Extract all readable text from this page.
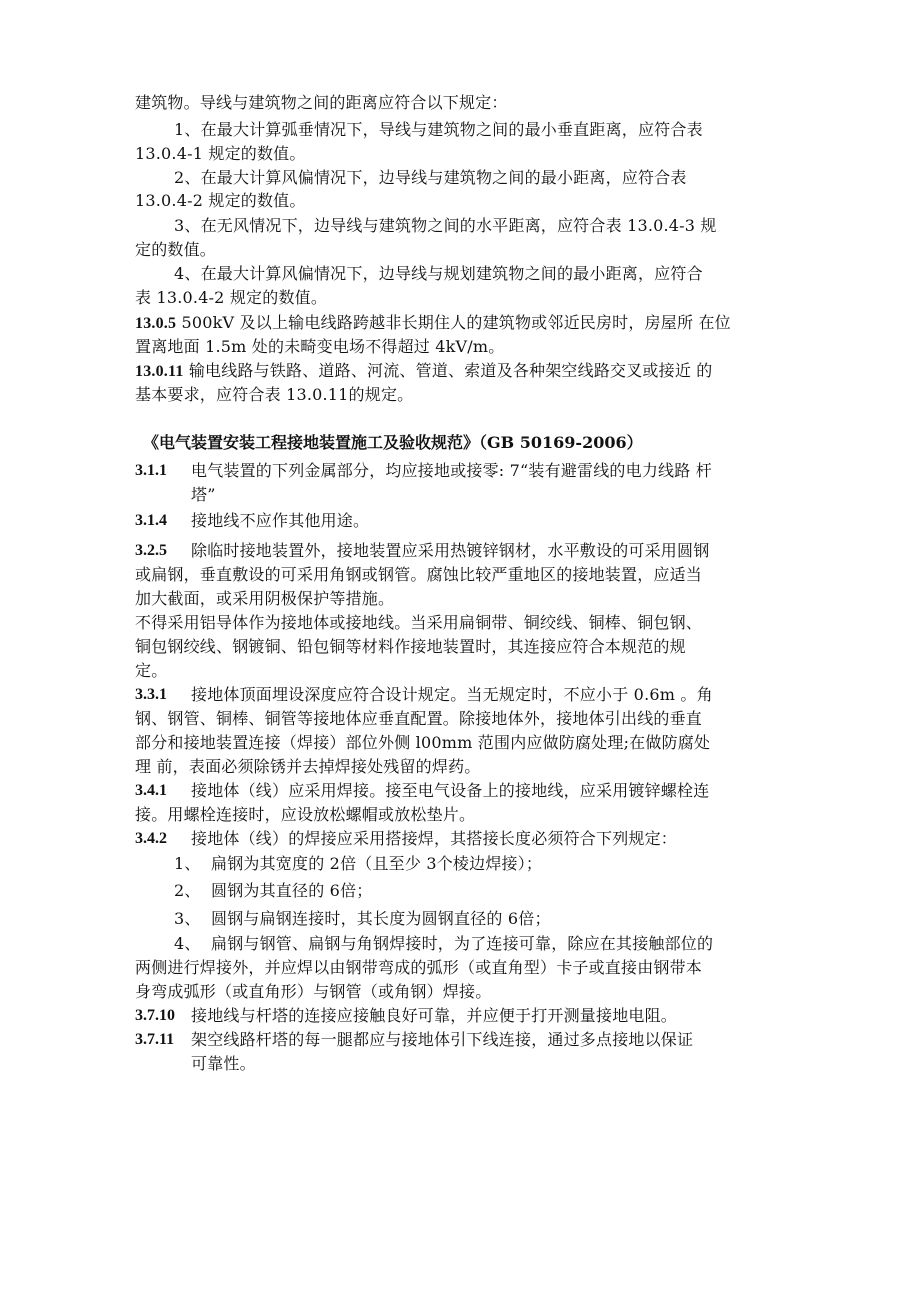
建筑物。导线与建筑物之间的距离应符合以下规定：
1、在最大计算弧垂情况下，导线与建筑物之间的最小垂直距离，应符合表
13.0.4-1 规定的数值。
2、在最大计算风偏情况下，边导线与建筑物之间的最小距离，应符合表
13.0.4-2 规定的数值。
3、在无风情况下，边导线与建筑物之间的水平距离，应符合表 13.0.4-3 规
定的数值。
4、在最大计算风偏情况下，边导线与规划建筑物之间的最小距离，应符合
表 13.0.4-2 规定的数值。
13.0.5 500kV 及以上输电线路跨越非长期住人的建筑物或邻近民房时，房屋所 在位
置离地面 1.5m 处的未畸变电场不得超过 4kV/m。
13.0.11 输电线路与铁路、道路、河流、管道、索道及各种架空线路交叉或接近 的
基本要求，应符合表 13.0.11的规定。
《电气装置安装工程接地装置施工及验收规范》（GB 50169-2006）
3.1.1 电气装置的下列金属部分，均应接地或接零: 7“装有避雷线的电力线路 杆
塔”
3.1.4 接地线不应作其他用途。
3.2.5 除临时接地装置外，接地装置应采用热镀锌钢材，水平敷设的可采用圆钢
或扁钢，垂直敷设的可采用角钢或钢管。腐蚀比较严重地区的接地装置，应适当
加大截面，或采用阴极保护等措施。
不得采用铝导体作为接地体或接地线。当采用扁铜带、铜绞线、铜棒、铜包钢、
铜包钢绞线、钢镀铜、铅包铜等材料作接地装置时，其连接应符合本规范的规
定。
3.3.1 接地体顶面埋设深度应符合设计规定。当无规定时，不应小于 0.6m 。角
钢、钢管、铜棒、铜管等接地体应垂直配置。除接地体外，接地体引出线的垂直
部分和接地装置连接（焊接）部位外侧 l00mm 范围内应做防腐处理;在做防腐处
理 前，表面必须除锈并去掉焊接处残留的焊药。
3.4.1 接地体（线）应采用焊接。接至电气设备上的接地线，应采用镀锌螺栓连
接。用螺栓连接时，应设放松螺帽或放松垫片。
3.4.2 接地体（线）的焊接应采用搭接焊，其搭接长度必须符合下列规定：
1、 扁钢为其宽度的 2倍（且至少 3个棱边焊接）；
2、 圆钢为其直径的 6倍；
3、 圆钢与扁钢连接时，其长度为圆钢直径的 6倍；
4、 扁钢与钢管、扁钢与角钢焊接时，为了连接可靠，除应在其接触部位的
两侧进行焊接外，并应焊以由钢带弯成的弧形（或直角型）卡子或直接由钢带本
身弯成弧形（或直角形）与钢管（或角钢）焊接。
3.7.10 接地线与杆塔的连接应接触良好可靠，并应便于打开测量接地电阻。
3.7.11 架空线路杆塔的每一腿都应与接地体引下线连接，通过多点接地以保证
可靠性。
